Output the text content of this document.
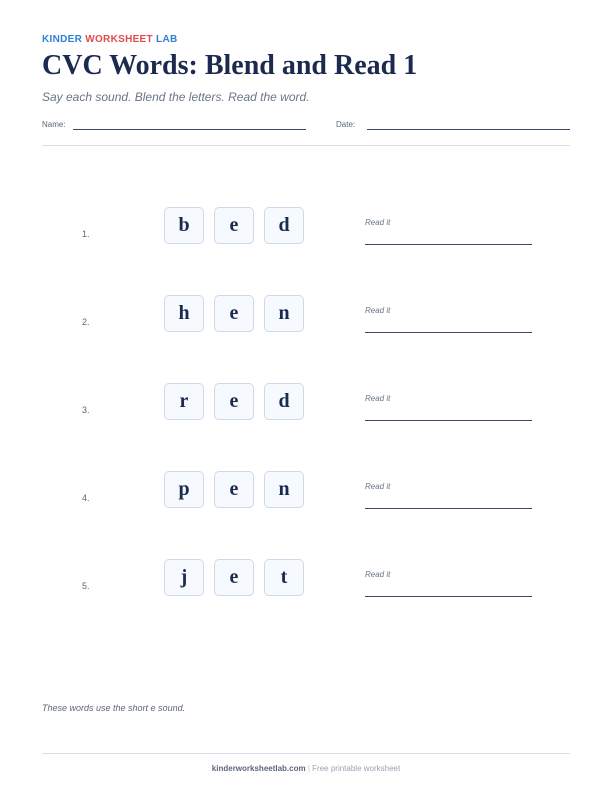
KINDER WORKSHEET LAB
CVC Words: Blend and Read 1
Say each sound. Blend the letters. Read the word.
Name:	Date:
1.	b	e	d	Read it
2.	h	e	n	Read it
3.	r	e	d	Read it
4.	p	e	n	Read it
5.	j	e	t	Read it
These words use the short e sound.
kinderworksheetlab.com | Free printable worksheet
